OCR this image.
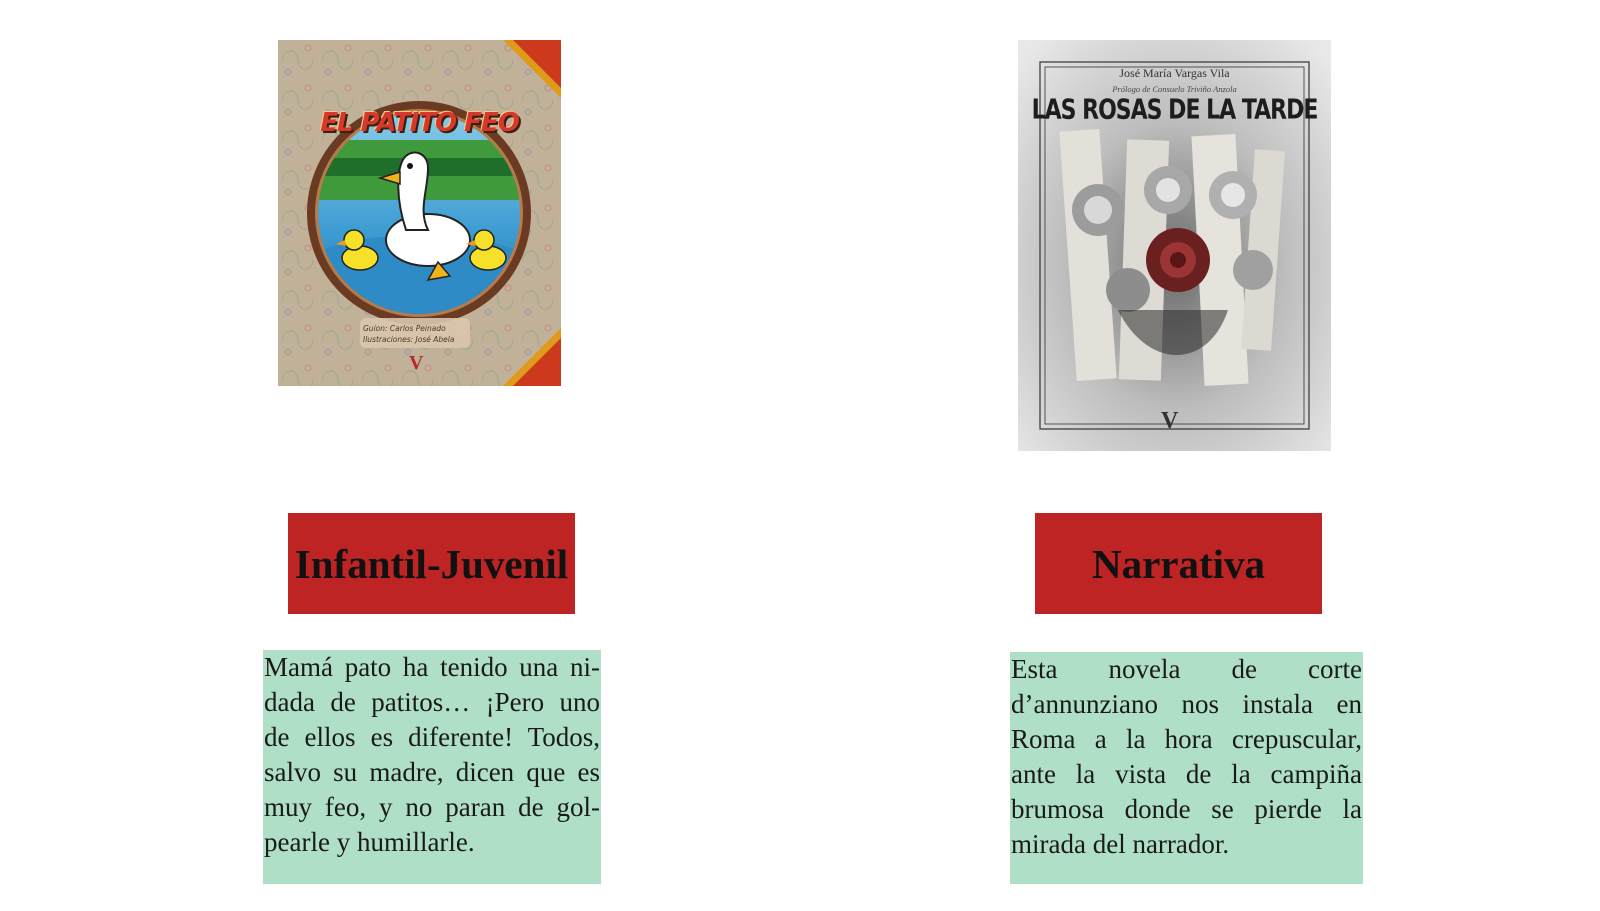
EL PATITO FEO
Guion: Carlos Peinado
Ilustraciones: José Abela
V
José María Vargas Vila
Prólogo de Consuelo Triviño Anzola
LAS ROSAS DE LA TARDE
V
Infantil-Juvenil	Narrativa
Mamá pato ha tenido una ni-
dada de patitos… ¡Pero uno
de ellos es diferente! Todos,
salvo su madre, dicen que es
muy feo, y no paran de gol-
pearle y humillarle.
Esta novela de corte
d’annunziano nos instala en
Roma a la hora crepuscular,
ante la vista de la campiña
brumosa donde se pierde la
mirada del narrador.
